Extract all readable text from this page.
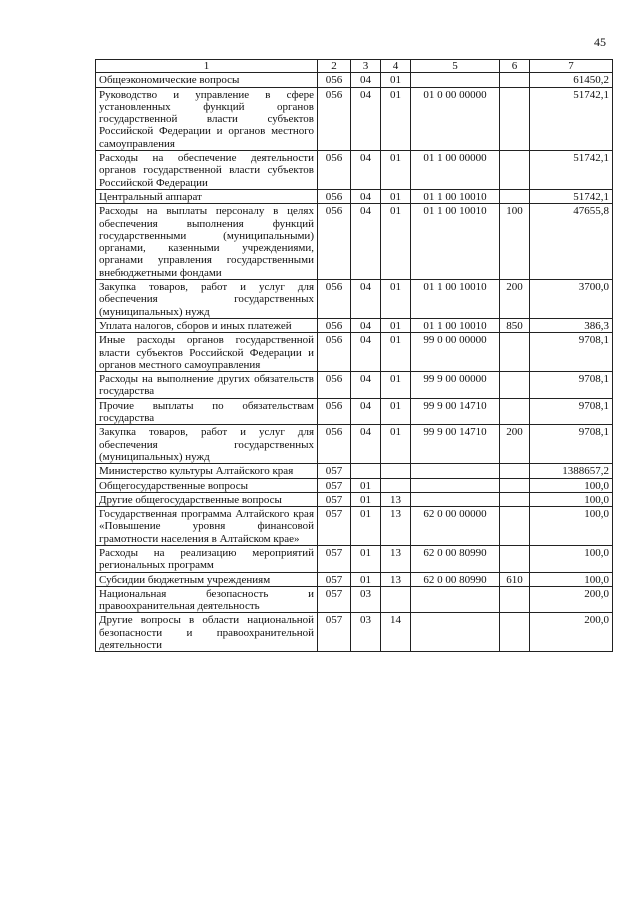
45
1	2	3	4	5	6	7
Общеэкономические вопросы	056	04	01			61450,2
Руководство и управление в сфере установленных функций органов государственной власти субъектов Российской Федерации и органов местного самоуправления	056	04	01	01 0 00 00000		51742,1
Расходы на обеспечение деятельности органов государственной власти субъектов Российской Федерации	056	04	01	01 1 00 00000		51742,1
Центральный аппарат	056	04	01	01 1 00 10010		51742,1
Расходы на выплаты персоналу в целях обеспечения выполнения функций государственными (муниципальными) органами, казенными учреждениями, органами управления государственными внебюджетными фондами	056	04	01	01 1 00 10010	100	47655,8
Закупка товаров, работ и услуг для обеспечения государственных (муниципальных) нужд	056	04	01	01 1 00 10010	200	3700,0
Уплата налогов, сборов и иных платежей	056	04	01	01 1 00 10010	850	386,3
Иные расходы органов государственной власти субъектов Российской Федерации и органов местного самоуправления	056	04	01	99 0 00 00000		9708,1
Расходы на выполнение других обязательств государства	056	04	01	99 9 00 00000		9708,1
Прочие выплаты по обязательствам государства	056	04	01	99 9 00 14710		9708,1
Закупка товаров, работ и услуг для обеспечения государственных (муниципальных) нужд	056	04	01	99 9 00 14710	200	9708,1
Министерство культуры Алтайского края	057					1388657,2
Общегосударственные вопросы	057	01				100,0
Другие общегосударственные вопросы	057	01	13			100,0
Государственная программа Алтайского края «Повышение уровня финансовой грамотности населения в Алтайском крае»	057	01	13	62 0 00 00000		100,0
Расходы на реализацию мероприятий региональных программ	057	01	13	62 0 00 80990		100,0
Субсидии бюджетным учреждениям	057	01	13	62 0 00 80990	610	100,0
Национальная безопасность и правоохранительная деятельность	057	03				200,0
Другие вопросы в области национальной безопасности и правоохранительной деятельности	057	03	14			200,0
